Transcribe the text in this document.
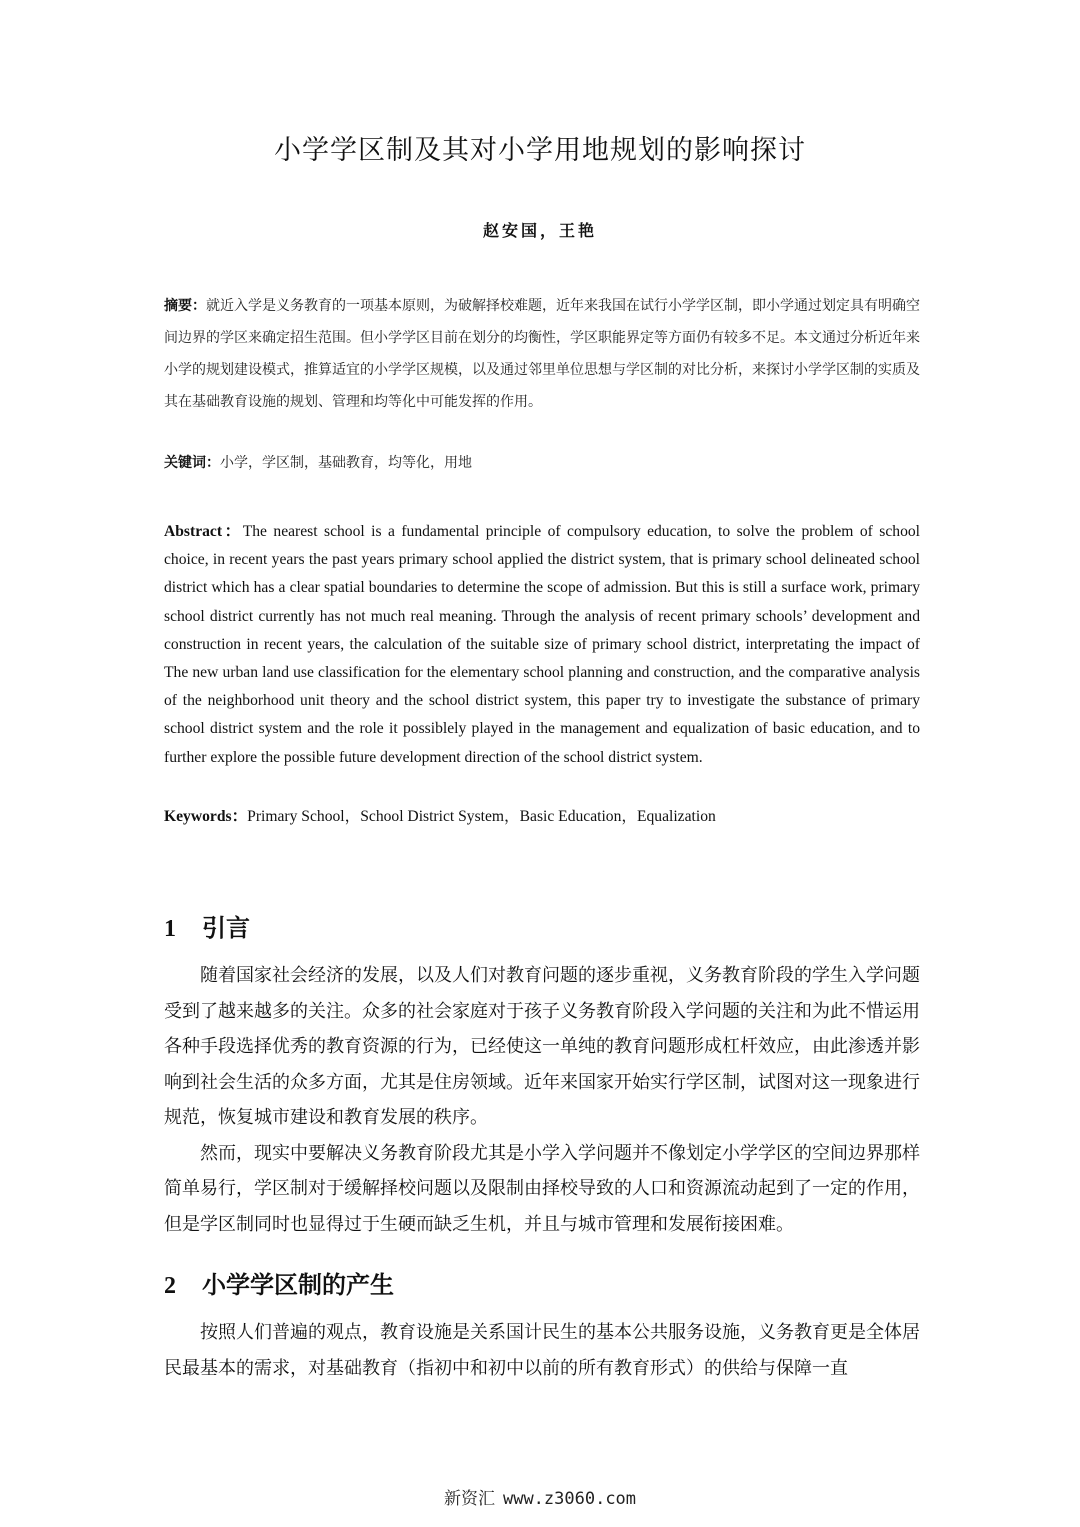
小学学区制及其对小学用地规划的影响探讨
赵安国，王艳
摘要：就近入学是义务教育的一项基本原则，为破解择校难题，近年来我国在试行小学学区制，即小学通过划定具有明确空间边界的学区来确定招生范围。但小学学区目前在划分的均衡性，学区职能界定等方面仍有较多不足。本文通过分析近年来小学的规划建设模式，推算适宜的小学学区规模，以及通过邻里单位思想与学区制的对比分析，来探讨小学学区制的实质及其在基础教育设施的规划、管理和均等化中可能发挥的作用。
关键词：小学，学区制，基础教育，均等化，用地
Abstract：The nearest school is a fundamental principle of compulsory education, to solve the problem of school choice, in recent years the past years primary school applied the district system, that is primary school delineated school district which has a clear spatial boundaries to determine the scope of admission. But this is still a surface work, primary school district currently has not much real meaning. Through the analysis of recent primary schools’ development and construction in recent years, the calculation of the suitable size of primary school district, interpretating the impact of The new urban land use classification for the elementary school planning and construction, and the comparative analysis of the neighborhood unit theory and the school district system, this paper try to investigate the substance of primary school district system and the role it possiblely played in the management and equalization of basic education, and to further explore the possible future development direction of the school district system.
Keywords：Primary School，School District System，Basic Education，Equalization
1 引言

随着国家社会经济的发展，以及人们对教育问题的逐步重视，义务教育阶段的学生入学问题受到了越来越多的关注。众多的社会家庭对于孩子义务教育阶段入学问题的关注和为此不惜运用各种手段选择优秀的教育资源的行为，已经使这一单纯的教育问题形成杠杆效应，由此渗透并影响到社会生活的众多方面，尤其是住房领域。近年来国家开始实行学区制，试图对这一现象进行规范，恢复城市建设和教育发展的秩序。

然而，现实中要解决义务教育阶段尤其是小学入学问题并不像划定小学学区的空间边界那样简单易行，学区制对于缓解择校问题以及限制由择校导致的人口和资源流动起到了一定的作用，但是学区制同时也显得过于生硬而缺乏生机，并且与城市管理和发展衔接困难。

2 小学学区制的产生

按照人们普遍的观点，教育设施是关系国计民生的基本公共服务设施，义务教育更是全体居民最基本的需求，对基础教育（指初中和初中以前的所有教育形式）的供给与保障一直

新资汇 www.z3060.com
